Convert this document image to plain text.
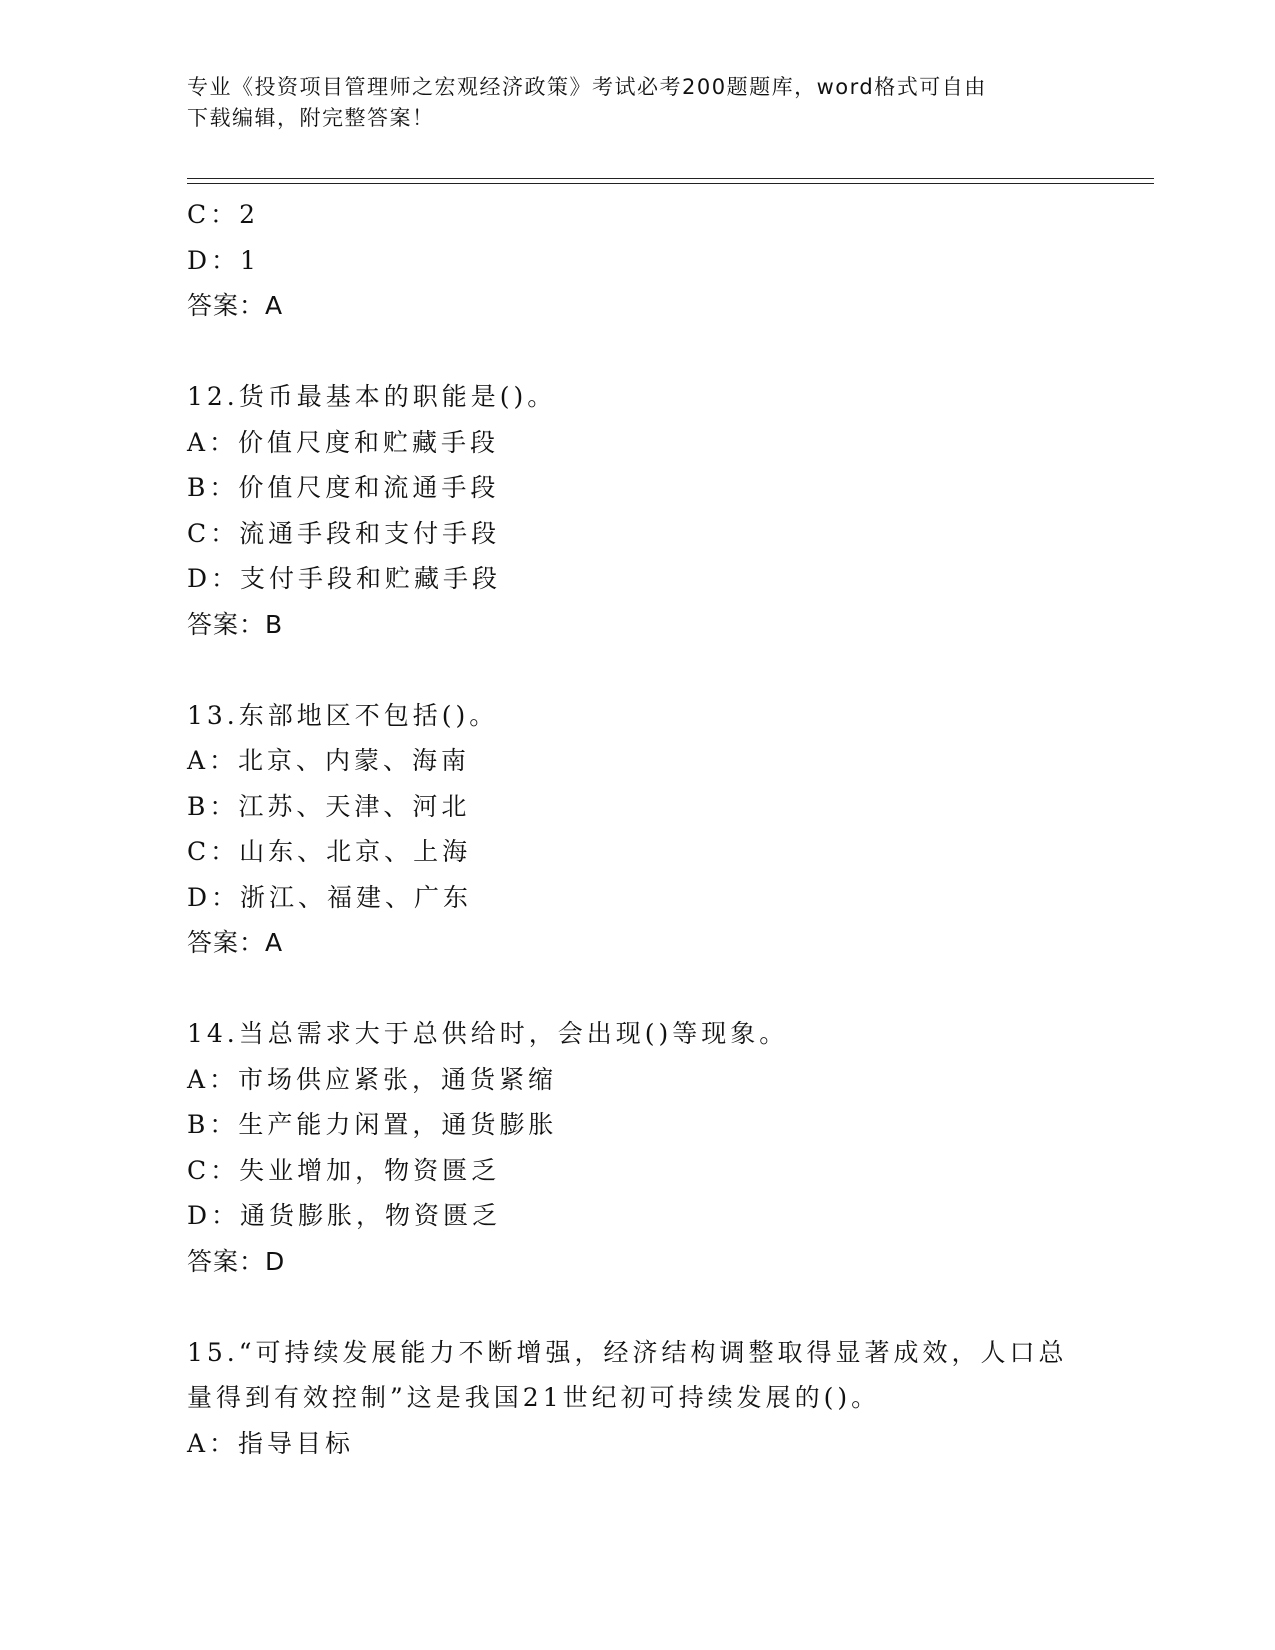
专业《投资项目管理师之宏观经济政策》考试必考200题题库，word格式可自由
下载编辑，附完整答案！
C：2
D：1
答案：A
12.货币最基本的职能是()。
A：价值尺度和贮藏手段
B：价值尺度和流通手段
C：流通手段和支付手段
D：支付手段和贮藏手段
答案：B
13.东部地区不包括()。
A：北京、内蒙、海南
B：江苏、天津、河北
C：山东、北京、上海
D：浙江、福建、广东
答案：A
14.当总需求大于总供给时，会出现()等现象。
A：市场供应紧张，通货紧缩
B：生产能力闲置，通货膨胀
C：失业增加，物资匮乏
D：通货膨胀，物资匮乏
答案：D
15.“可持续发展能力不断增强，经济结构调整取得显著成效，人口总
量得到有效控制”这是我国21世纪初可持续发展的()。
A：指导目标
